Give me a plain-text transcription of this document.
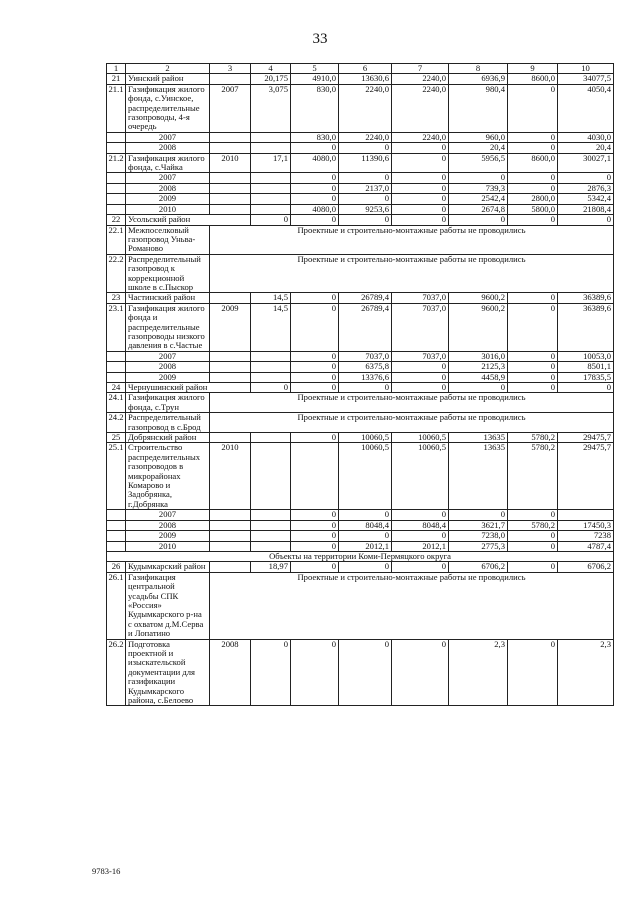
33
1	2	3	4	5	6	7	8	9	10
21	Уинский район		20,175	4910,0	13630,6	2240,0	6936,9	8600,0	34077,5
21.1	Газификация жилого фонда, с.Уинское, распределительные газопроводы, 4-я очередь	2007	3,075	830,0	2240,0	2240,0	980,4	0	4050,4
	2007			830,0	2240,0	2240,0	960,0	0	4030,0
	2008			0	0	0	20,4	0	20,4
21.2	Газификация жилого фонда, с.Чайка	2010	17,1	4080,0	11390,6	0	5956,5	8600,0	30027,1
	2007			0	0	0	0	0	0
	2008			0	2137,0	0	739,3	0	2876,3
	2009			0	0	0	2542,4	2800,0	5342,4
	2010			4080,0	9253,6	0	2674,8	5800,0	21808,4
22	Усольский район		0	0	0	0	0	0	0
22.1	Межпоселковый газопровод Уньва-Романово	Проектные и строительно-монтажные работы не проводились							
22.2	Распределительный газопровод к коррекционной школе в с.Пыскор	Проектные и строительно-монтажные работы не проводились							
23	Частинский район		14,5	0	26789,4	7037,0	9600,2	0	36389,6
23.1	Газификация жилого фонда и распределительные газопроводы низкого давления в с.Частые	2009	14,5	0	26789,4	7037,0	9600,2	0	36389,6
	2007			0	7037,0	7037,0	3016,0	0	10053,0
	2008			0	6375,8	0	2125,3	0	8501,1
	2009			0	13376,6	0	4458,9	0	17835,5
24	Чернушинский район		0	0	0	0	0	0	0
24.1	Газификация жилого фонда, с.Трун	Проектные и строительно-монтажные работы не проводились							
24.2	Распределительный газопровод в с.Брод	Проектные и строительно-монтажные работы не проводились							
25	Добрянский район			0	10060,5	10060,5	13635	5780,2	29475,7
25.1	Строительство распределительных газопроводов в микрорайонах Комарово и Задобрянка, г.Добрянка	2010			10060,5	10060,5	13635	5780,2	29475,7
	2007			0	0	0	0	0	
	2008			0	8048,4	8048,4	3621,7	5780,2	17450,3
	2009			0	0	0	7238,0	0	7238
	2010			0	2012,1	2012,1	2775,3	0	4787,4
Объекты на территории Коми-Пермяцкого округа									
26	Кудымкарский район		18,97	0	0	0	6706,2	0	6706,2
26.1	Газификация центральной усадьбы СПК «Россия» Кудымкарского р-на с охватом д.М.Серва и Лопатино	Проектные и строительно-монтажные работы не проводились							
26.2	Подготовка проектной и изыскательской документации для газификации Кудымкарского района, с.Белоево	2008	0	0	0	0	2,3	0	2,3
9783-16
